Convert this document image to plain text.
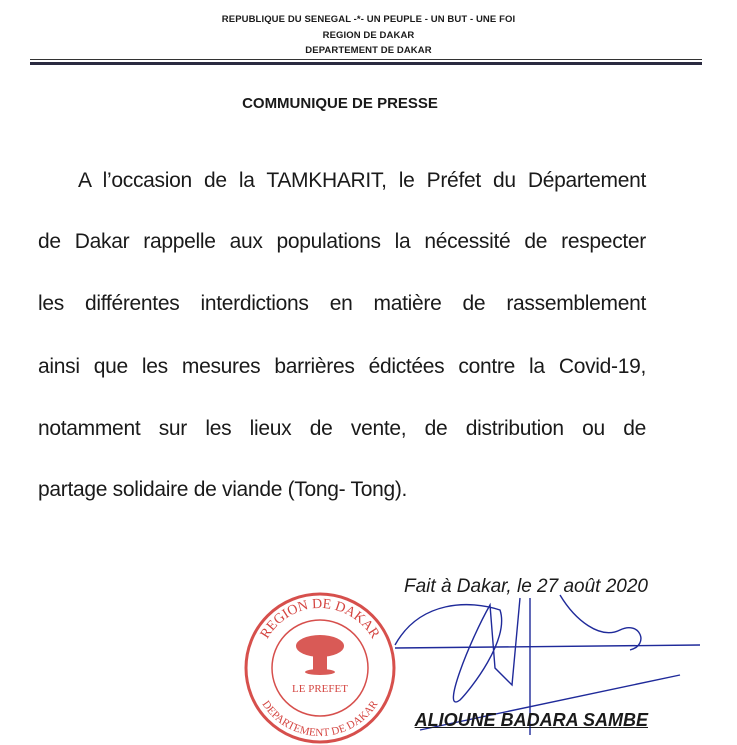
REPUBLIQUE DU SENEGAL -*- UN PEUPLE - UN BUT - UNE FOI
REGION DE DAKAR
DEPARTEMENT DE DAKAR
COMMUNIQUE DE PRESSE
A l’occasion de la TAMKHARIT, le Préfet du Département
de Dakar rappelle aux populations la nécessité de respecter
les différentes interdictions en matière de rassemblement
ainsi que les mesures barrières édictées contre la Covid-19,
notamment sur les lieux de vente, de distribution ou de
partage solidaire de viande (Tong- Tong).
Fait à Dakar, le 27 août 2020
REGION DE DAKAR
DEPARTEMENT DE DAKAR
LE PREFET
ALIOUNE BADARA SAMBE
